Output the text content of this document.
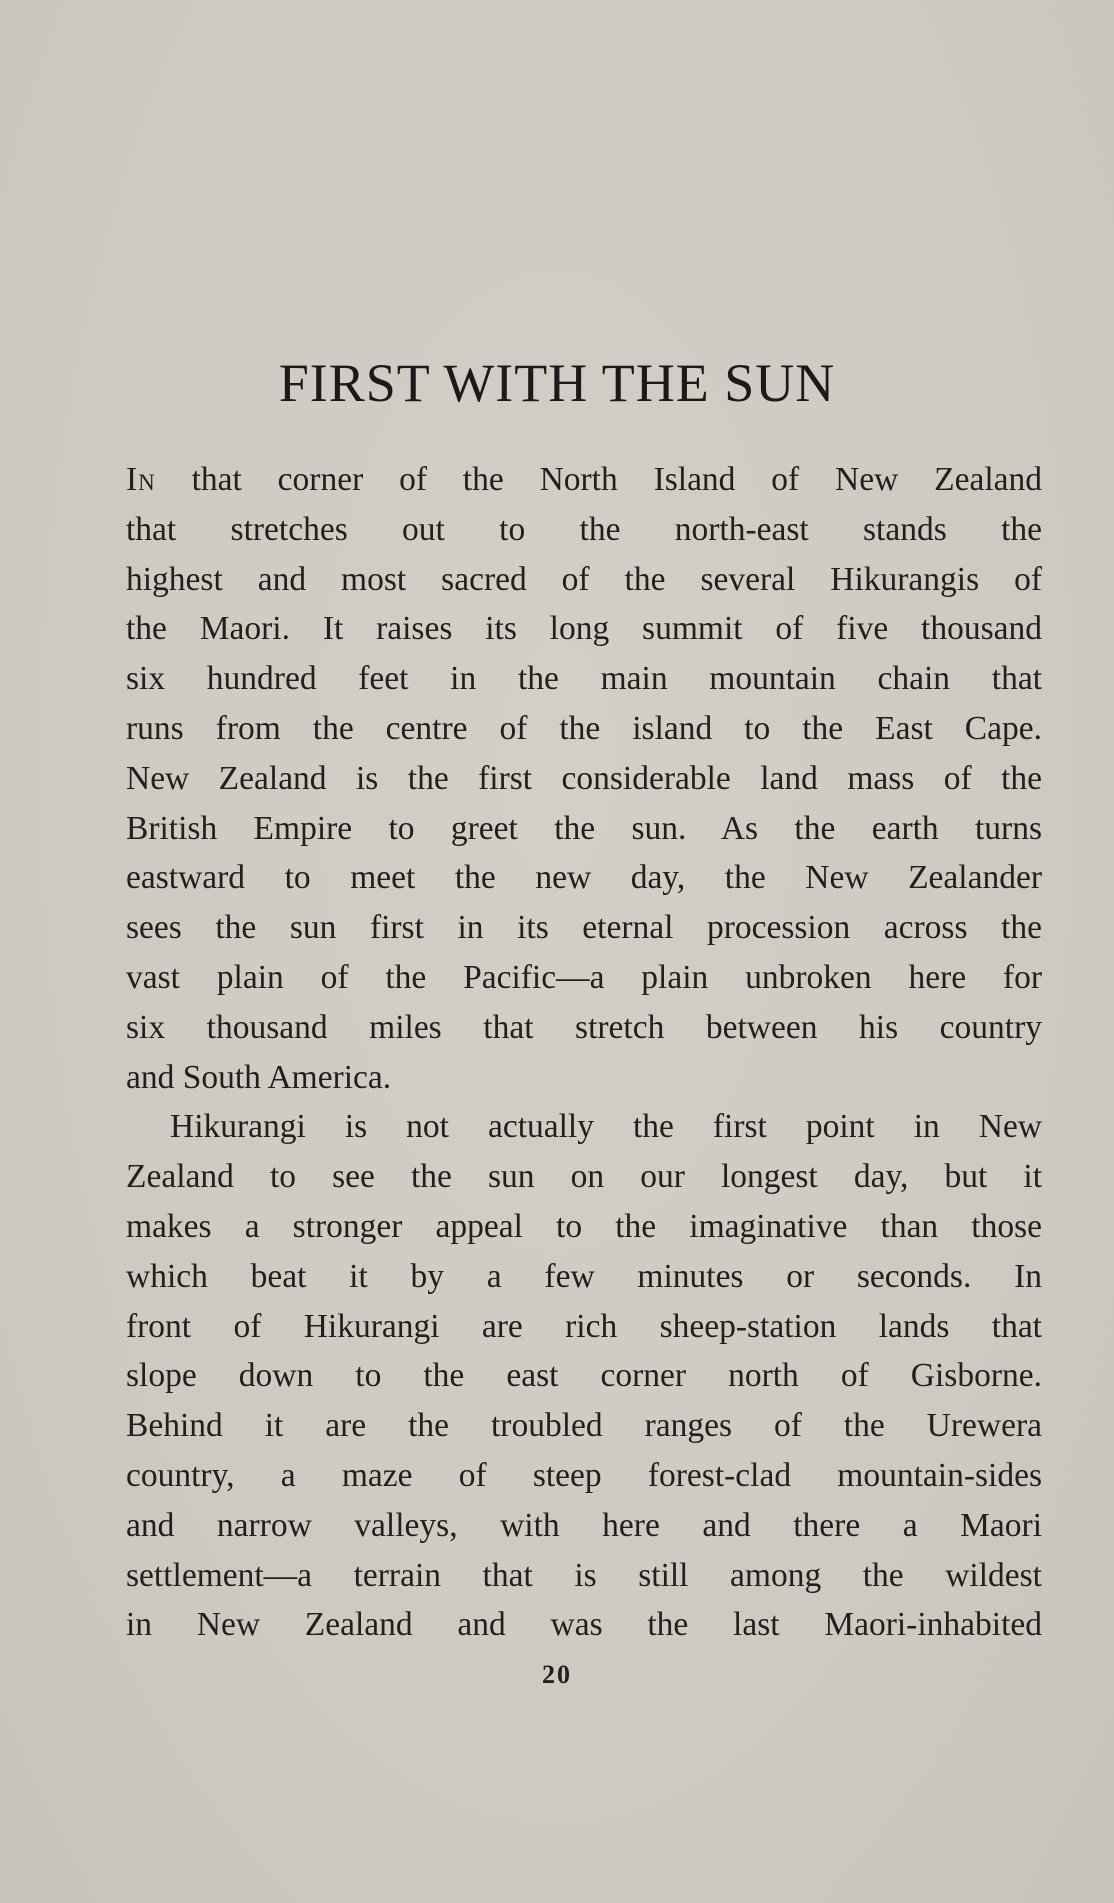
FIRST WITH THE SUN
In that corner of the North Island of New Zealand
that stretches out to the north-east stands the
highest and most sacred of the several Hikurangis of
the Maori. It raises its long summit of five thousand
six hundred feet in the main mountain chain that
runs from the centre of the island to the East Cape.
New Zealand is the first considerable land mass of the
British Empire to greet the sun. As the earth turns
eastward to meet the new day, the New Zealander
sees the sun first in its eternal procession across the
vast plain of the Pacific—a plain unbroken here for
six thousand miles that stretch between his country
and South America.
Hikurangi is not actually the first point in New
Zealand to see the sun on our longest day, but it
makes a stronger appeal to the imaginative than those
which beat it by a few minutes or seconds. In
front of Hikurangi are rich sheep-station lands that
slope down to the east corner north of Gisborne.
Behind it are the troubled ranges of the Urewera
country, a maze of steep forest-clad mountain-sides
and narrow valleys, with here and there a Maori
settlement—a terrain that is still among the wildest
in New Zealand and was the last Maori-inhabited
20
